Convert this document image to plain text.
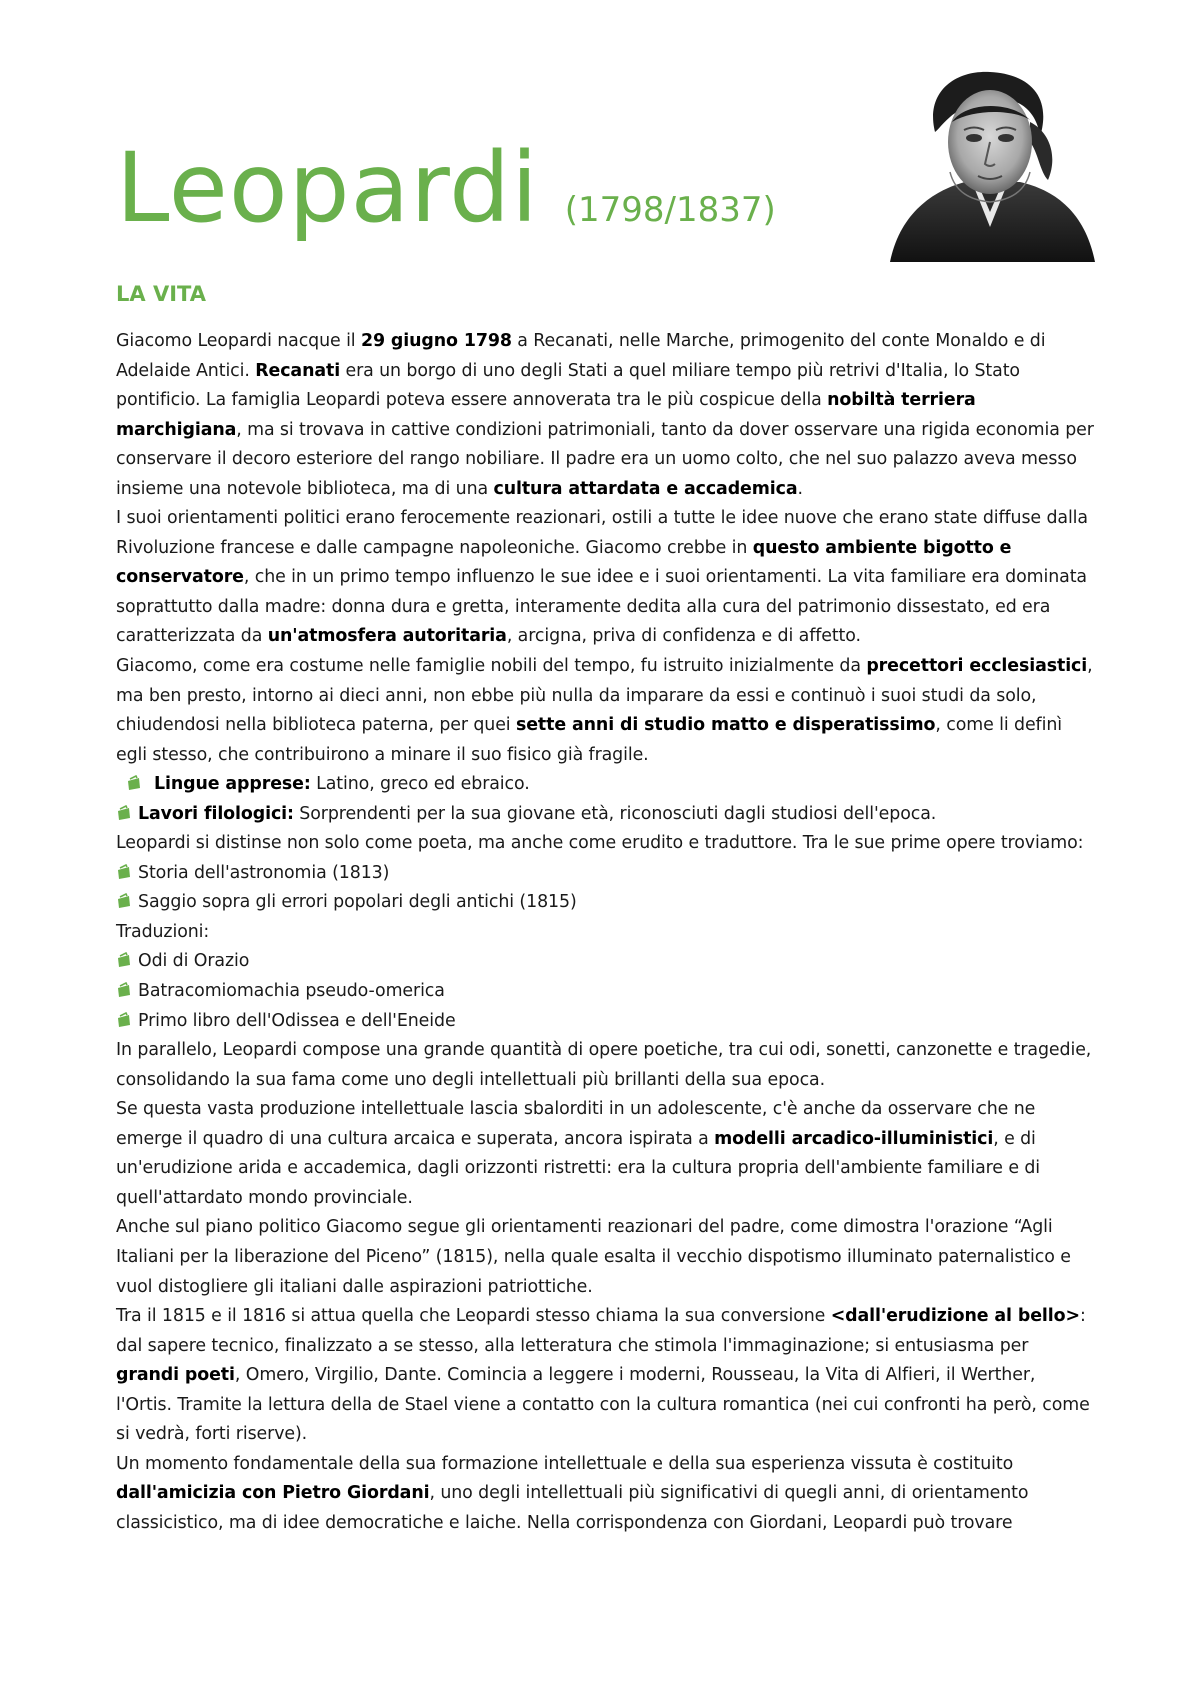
Leopardi (1798/1837)
LA VITA

Giacomo Leopardi nacque il 29 giugno 1798 a Recanati, nelle Marche, primogenito del conte Monaldo e di Adelaide Antici. Recanati era un borgo di uno degli Stati a quel miliare tempo più retrivi d'Italia, lo Stato pontificio. La famiglia Leopardi poteva essere annoverata tra le più cospicue della nobiltà terriera marchigiana, ma si trovava in cattive condizioni patrimoniali, tanto da dover osservare una rigida economia per conservare il decoro esteriore del rango nobiliare. Il padre era un uomo colto, che nel suo palazzo aveva messo insieme una notevole biblioteca, ma di una cultura attardata e accademica.

I suoi orientamenti politici erano ferocemente reazionari, ostili a tutte le idee nuove che erano state diffuse dalla Rivoluzione francese e dalle campagne napoleoniche. Giacomo crebbe in questo ambiente bigotto e conservatore, che in un primo tempo influenzo le sue idee e i suoi orientamenti. La vita familiare era dominata soprattutto dalla madre: donna dura e gretta, interamente dedita alla cura del patrimonio dissestato, ed era caratterizzata da un'atmosfera autoritaria, arcigna, priva di confidenza e di affetto.

Giacomo, come era costume nelle famiglie nobili del tempo, fu istruito inizialmente da precettori ecclesiastici, ma ben presto, intorno ai dieci anni, non ebbe più nulla da imparare da essi e continuò i suoi studi da solo, chiudendosi nella biblioteca paterna, per quei sette anni di studio matto e disperatissimo, come li definì egli stesso, che contribuirono a minare il suo fisico già fragile.

Lingue apprese: Latino, greco ed ebraico.
Lavori filologici: Sorprendenti per la sua giovane età, riconosciuti dagli studiosi dell'epoca.

Leopardi si distinse non solo come poeta, ma anche come erudito e traduttore. Tra le sue prime opere troviamo:

Storia dell'astronomia (1813)
Saggio sopra gli errori popolari degli antichi (1815)

Traduzioni:

Odi di Orazio
Batracomiomachia pseudo-omerica
Primo libro dell'Odissea e dell'Eneide

In parallelo, Leopardi compose una grande quantità di opere poetiche, tra cui odi, sonetti, canzonette e tragedie, consolidando la sua fama come uno degli intellettuali più brillanti della sua epoca.

Se questa vasta produzione intellettuale lascia sbalorditi in un adolescente, c'è anche da osservare che ne emerge il quadro di una cultura arcaica e superata, ancora ispirata a modelli arcadico-illuministici, e di un'erudizione arida e accademica, dagli orizzonti ristretti: era la cultura propria dell'ambiente familiare e di quell'attardato mondo provinciale.

Anche sul piano politico Giacomo segue gli orientamenti reazionari del padre, come dimostra l'orazione “Agli Italiani per la liberazione del Piceno” (1815), nella quale esalta il vecchio dispotismo illuminato paternalistico e vuol distogliere gli italiani dalle aspirazioni patriottiche.

Tra il 1815 e il 1816 si attua quella che Leopardi stesso chiama la sua conversione <dall'erudizione al bello>: dal sapere tecnico, finalizzato a se stesso, alla letteratura che stimola l'immaginazione; si entusiasma per grandi poeti, Omero, Virgilio, Dante. Comincia a leggere i moderni, Rousseau, la Vita di Alfieri, il Werther, l'Ortis. Tramite la lettura della de Stael viene a contatto con la cultura romantica (nei cui confronti ha però, come si vedrà, forti riserve).

Un momento fondamentale della sua formazione intellettuale e della sua esperienza vissuta è costituito dall'amicizia con Pietro Giordani, uno degli intellettuali più significativi di quegli anni, di orientamento classicistico, ma di idee democratiche e laiche. Nella corrispondenza con Giordani, Leopardi può trovare
